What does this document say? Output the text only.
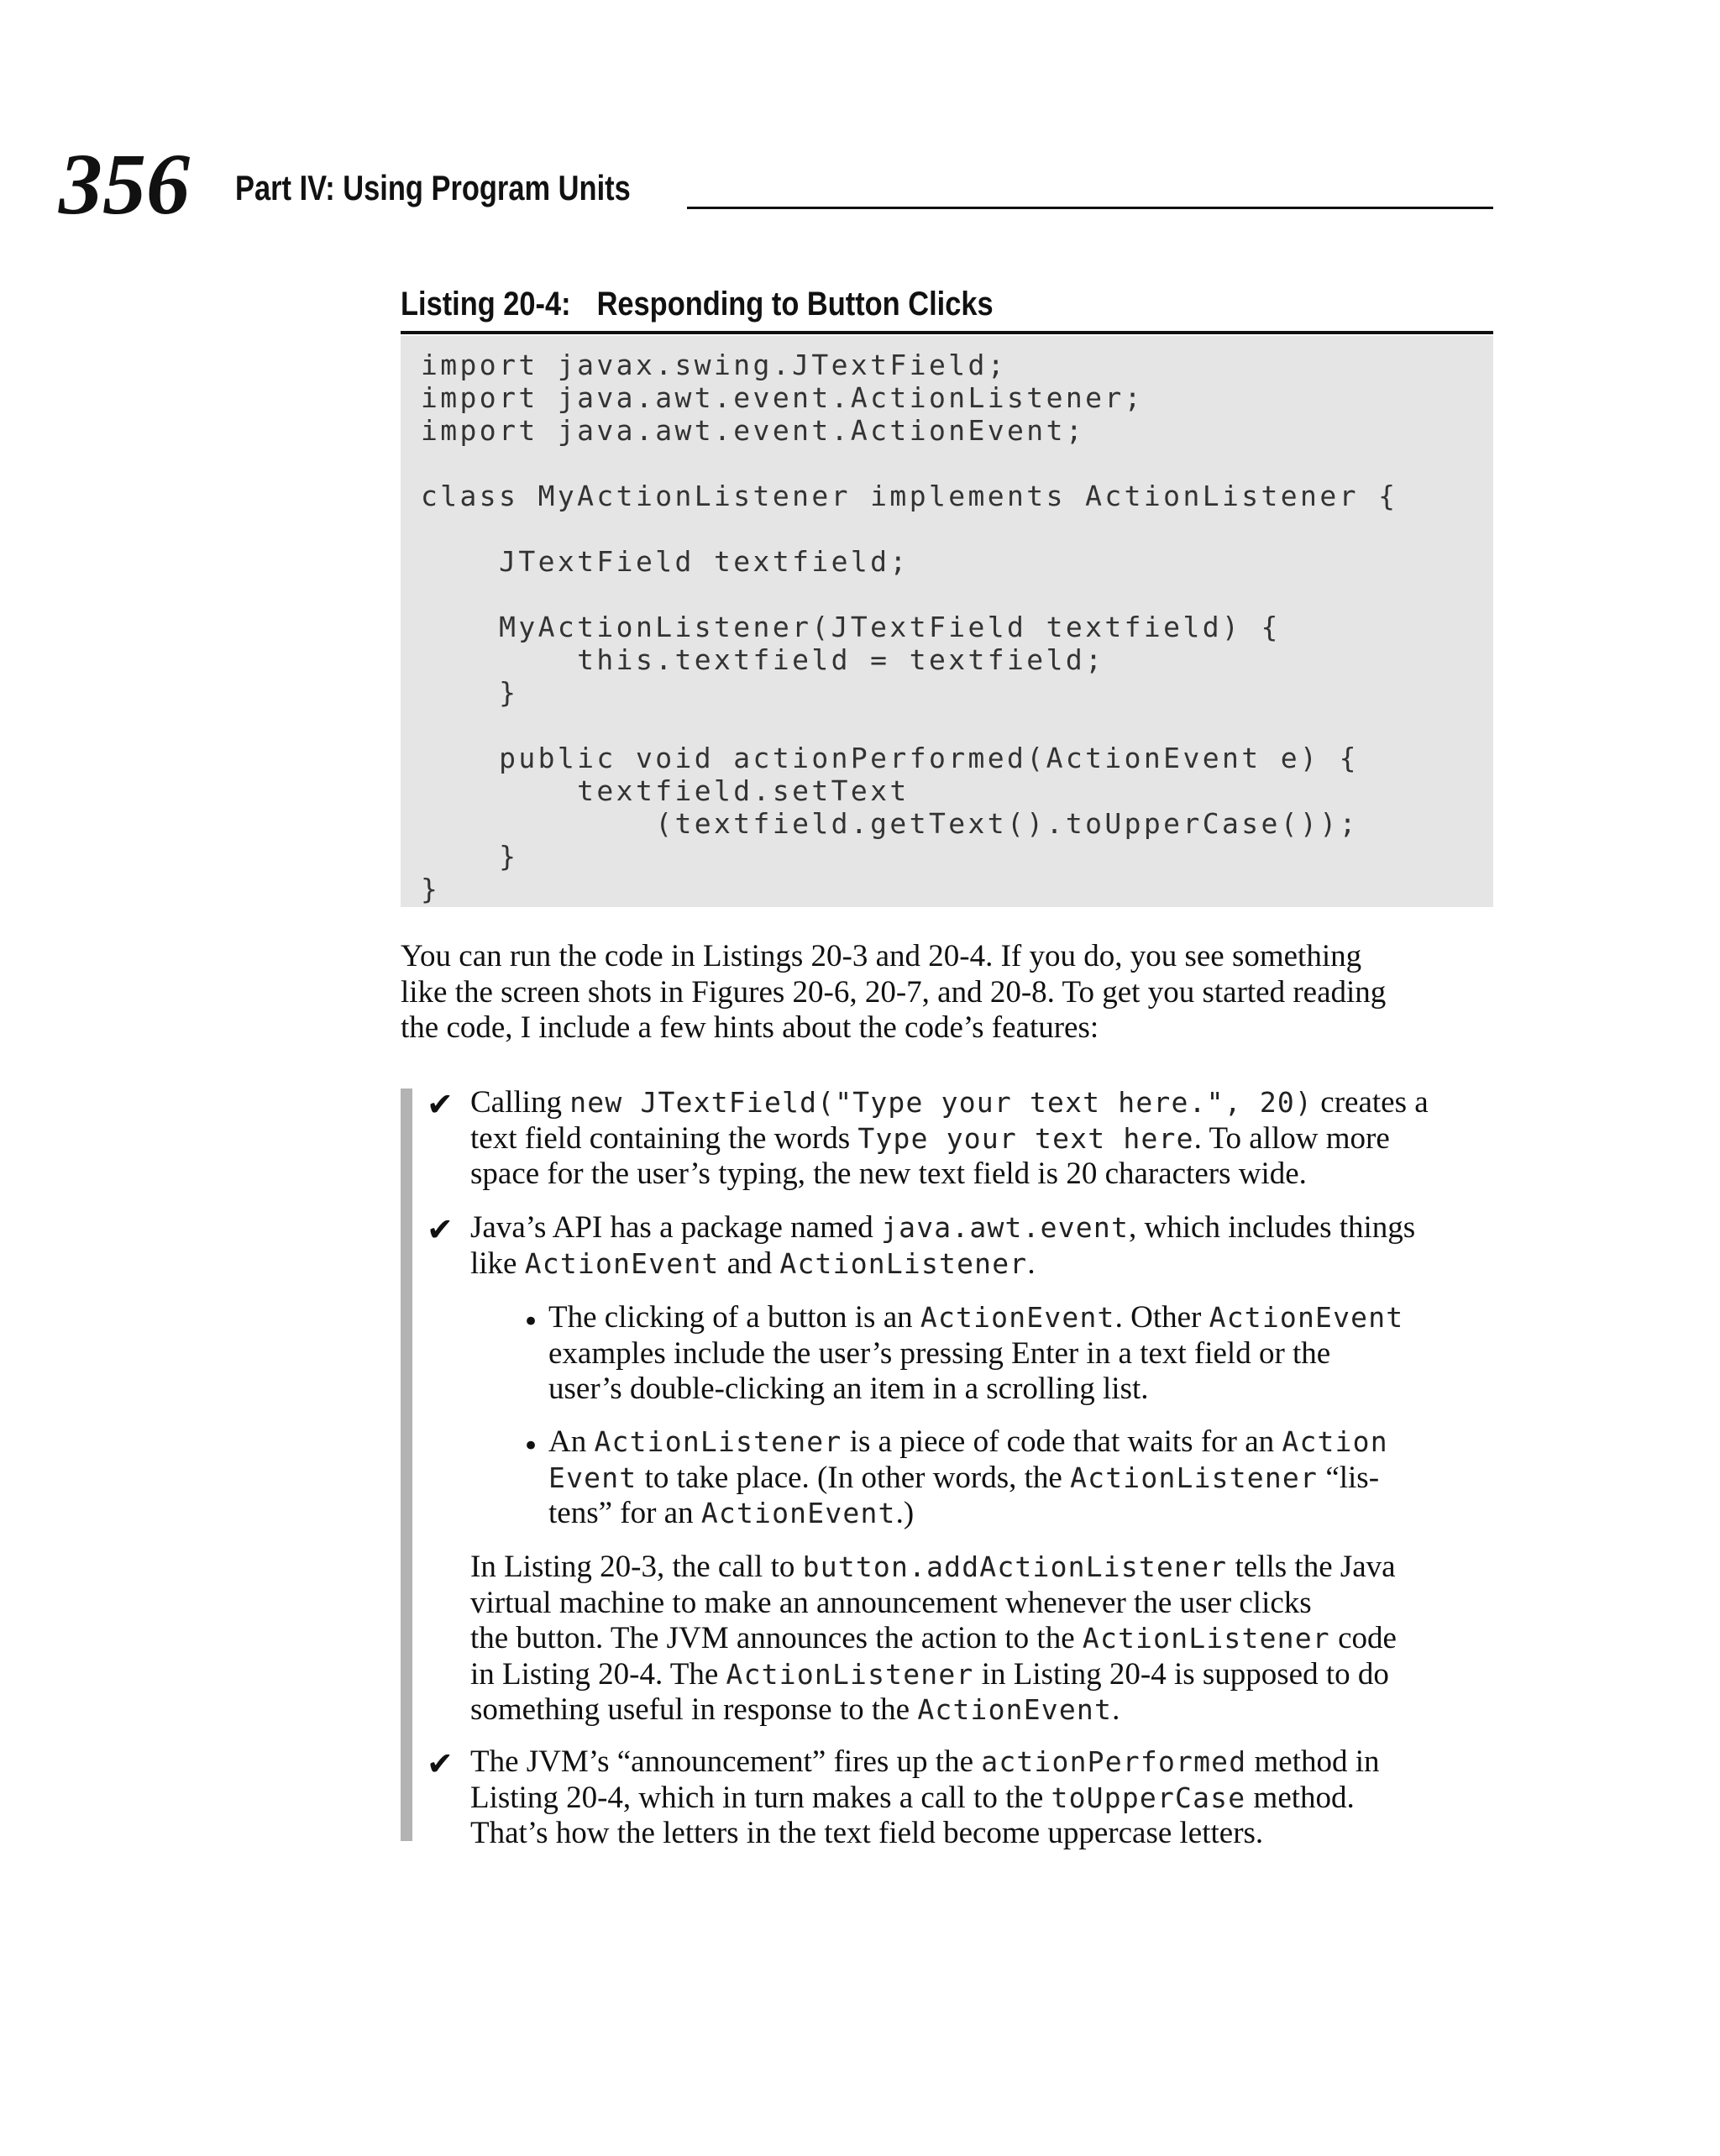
356 Part IV: Using Program Units
Listing 20-4: Responding to Button Clicks
import javax.swing.JTextField;
import java.awt.event.ActionListener;
import java.awt.event.ActionEvent;
class MyActionListener implements ActionListener {
JTextField textfield;
MyActionListener(JTextField textfield) {
this.textfield = textfield;
}
public void actionPerformed(ActionEvent e) {
textfield.setText
(textfield.getText().toUpperCase());
}
}
You can run the code in Listings 20-3 and 20-4. If you do, you see something
like the screen shots in Figures 20-6, 20-7, and 20-8. To get you started reading
the code, I include a few hints about the code’s features:
✔ Calling new JTextField("Type your text here.", 20) creates a
text field containing the words Type your text here. To allow more
space for the user’s typing, the new text field is 20 characters wide.
✔ Java’s API has a package named java.awt.event, which includes things
like ActionEvent and ActionListener.
• The clicking of a button is an ActionEvent. Other ActionEvent
examples include the user’s pressing Enter in a text field or the
user’s double-clicking an item in a scrolling list.
• An ActionListener is a piece of code that waits for an Action
Event to take place. (In other words, the ActionListener “lis-
tens” for an ActionEvent.)
In Listing 20-3, the call to button.addActionListener tells the Java
virtual machine to make an announcement whenever the user clicks
the button. The JVM announces the action to the ActionListener code
in Listing 20-4. The ActionListener in Listing 20-4 is supposed to do
something useful in response to the ActionEvent.
✔ The JVM’s “announcement” fires up the actionPerformed method in
Listing 20-4, which in turn makes a call to the toUpperCase method.
That’s how the letters in the text field become uppercase letters.
